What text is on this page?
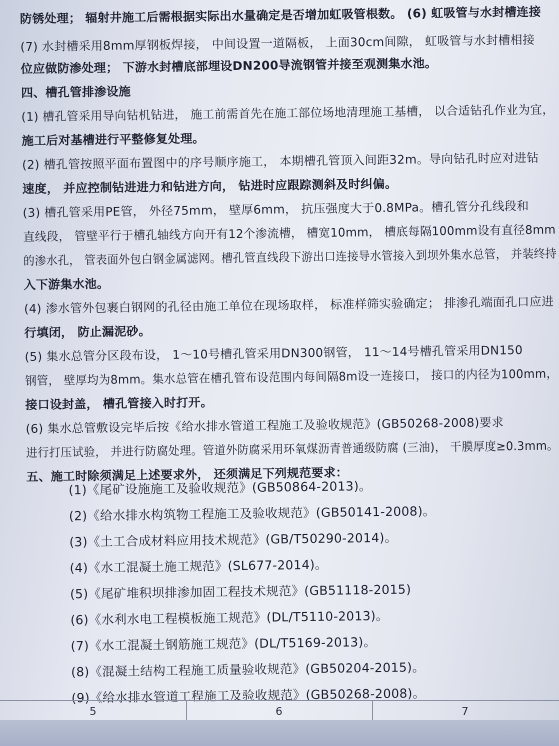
防锈处理； 辐射井施工后需根据实际出水量确定是否增加虹吸管根数。 (6) 虹吸管与水封槽连接
(7) 水封槽采用8mm厚钢板焊接， 中间设置一道隔板， 上面30cm间隙， 虹吸管与水封槽相接
位应做防渗处理； 下游水封槽底部埋设DN200导流钢管并接至观测集水池。
四、槽孔管排渗设施
(1) 槽孔管采用导向钻机钻进， 施工前需首先在施工部位场地清理施工基槽， 以合适钻孔作业为宜，
施工后对基槽进行平整修复处理。
(2) 槽孔管按照平面布置图中的序号顺序施工， 本期槽孔管顶入间距32m。导向钻孔时应对进钻
速度， 并应控制钻进进力和钻进方向， 钻进时应跟踪测斜及时纠偏。
(3) 槽孔管采用PE管， 外径75mm， 壁厚6mm， 抗压强度大于0.8MPa。槽孔管分孔线段和
直线段， 管壁平行于槽孔轴线方向开有12个渗流槽， 槽宽10mm， 槽底每隔100mm设有直径8mm
的渗水孔， 管表面外包白钢金属滤网。槽孔管直线段下游出口连接导水管接入到坝外集水总管， 并装终持
入下游集水池。
(4) 渗水管外包裹白钢网的孔径由施工单位在现场取样， 标准样筛实验确定； 排渗孔端面孔口应进
行填闭， 防止漏泥砂。
(5) 集水总管分区段布设， 1～10号槽孔管采用DN300钢管， 11～14号槽孔管采用DN150
钢管， 壁厚均为8mm。集水总管在槽孔管布设范围内每间隔8m设一连接口， 接口的内径为100mm，
接口设封盖， 槽孔管接入时打开。
(6) 集水总管敷设完毕后按《给水排水管道工程施工及验收规范》(GB50268-2008)要求
进行打压试验， 并进行防腐处理。管道外防腐采用环氧煤沥青普通级防腐 (三油)， 干膜厚度≥0.3mm。
五、施工时除须满足上述要求外， 还须满足下列规范要求：
(1)《尾矿设施施工及验收规范》(GB50864-2013)。
(2)《给水排水构筑物工程施工及验收规范》(GB50141-2008)。
(3)《土工合成材料应用技术规范》(GB/T50290-2014)。
(4)《水工混凝土施工规范》(SL677-2014)。
(5)《尾矿堆积坝排渗加固工程技术规范》(GB51118-2015)
(6)《水利水电工程模板施工规范》(DL/T5110-2013)。
(7)《水工混凝土钢筋施工规范》(DL/T5169-2013)。
(8)《混凝土结构工程施工质量验收规范》(GB50204-2015)。
(9)《给水排水管道工程施工及验收规范》(GB50268-2008)。
5	6	7
